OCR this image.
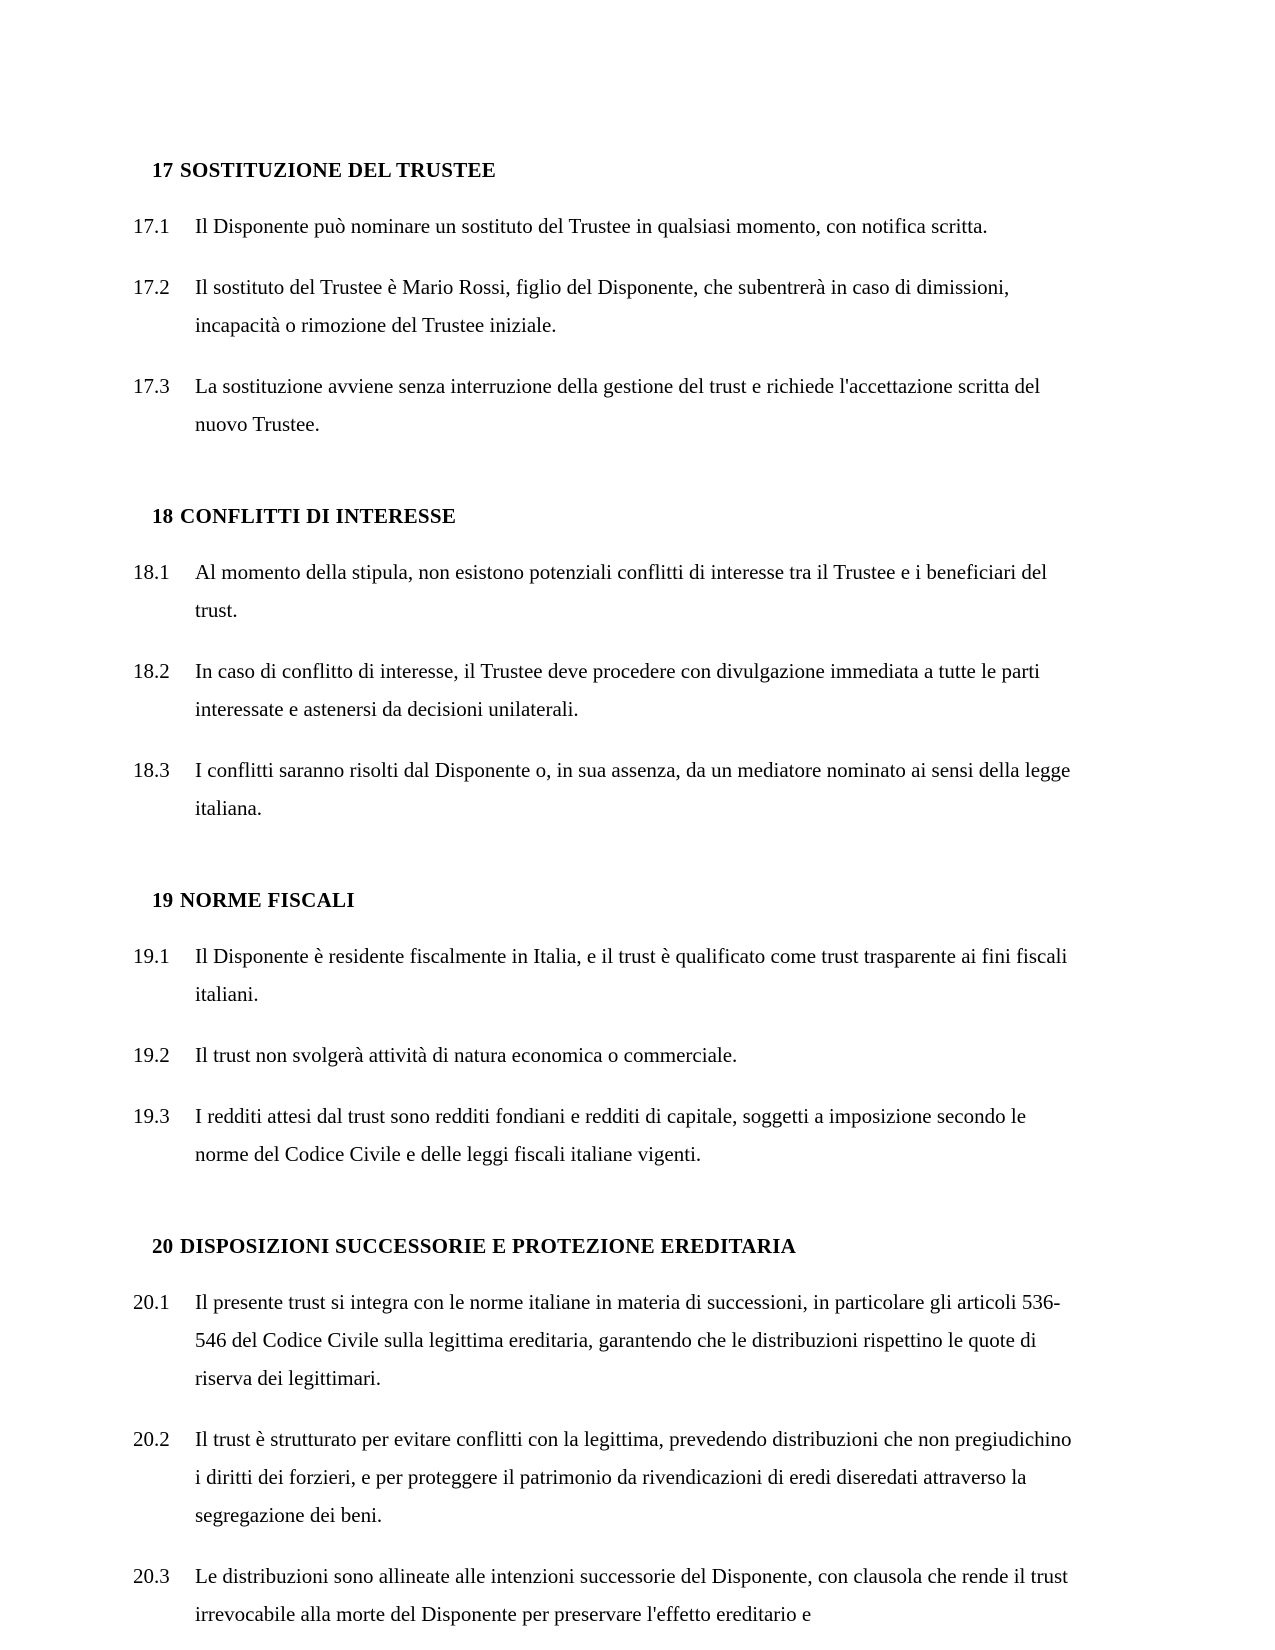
17 SOSTITUZIONE DEL TRUSTEE
17.1	Il Disponente può nominare un sostituto del Trustee in qualsiasi momento, con notifica scritta.
17.2	Il sostituto del Trustee è Mario Rossi, figlio del Disponente, che subentrerà in caso di dimissioni, incapacità o rimozione del Trustee iniziale.
17.3	La sostituzione avviene senza interruzione della gestione del trust e richiede l'accettazione scritta del nuovo Trustee.
18 CONFLITTI DI INTERESSE
18.1	Al momento della stipula, non esistono potenziali conflitti di interesse tra il Trustee e i beneficiari del trust.
18.2	In caso di conflitto di interesse, il Trustee deve procedere con divulgazione immediata a tutte le parti interessate e astenersi da decisioni unilaterali.
18.3	I conflitti saranno risolti dal Disponente o, in sua assenza, da un mediatore nominato ai sensi della legge italiana.
19 NORME FISCALI
19.1	Il Disponente è residente fiscalmente in Italia, e il trust è qualificato come trust trasparente ai fini fiscali italiani.
19.2	Il trust non svolgerà attività di natura economica o commerciale.
19.3	I redditi attesi dal trust sono redditi fondiani e redditi di capitale, soggetti a imposizione secondo le norme del Codice Civile e delle leggi fiscali italiane vigenti.
20 DISPOSIZIONI SUCCESSORIE E PROTEZIONE EREDITARIA
20.1	Il presente trust si integra con le norme italiane in materia di successioni, in particolare gli articoli 536-546 del Codice Civile sulla legittima ereditaria, garantendo che le distribuzioni rispettino le quote di riserva dei legittimari.
20.2	Il trust è strutturato per evitare conflitti con la legittima, prevedendo distribuzioni che non pregiudichino i diritti dei forzieri, e per proteggere il patrimonio da rivendicazioni di eredi diseredati attraverso la segregazione dei beni.
20.3	Le distribuzioni sono allineate alle intenzioni successorie del Disponente, con clausola che rende il trust irrevocabile alla morte del Disponente per preservare l'effetto ereditario e
